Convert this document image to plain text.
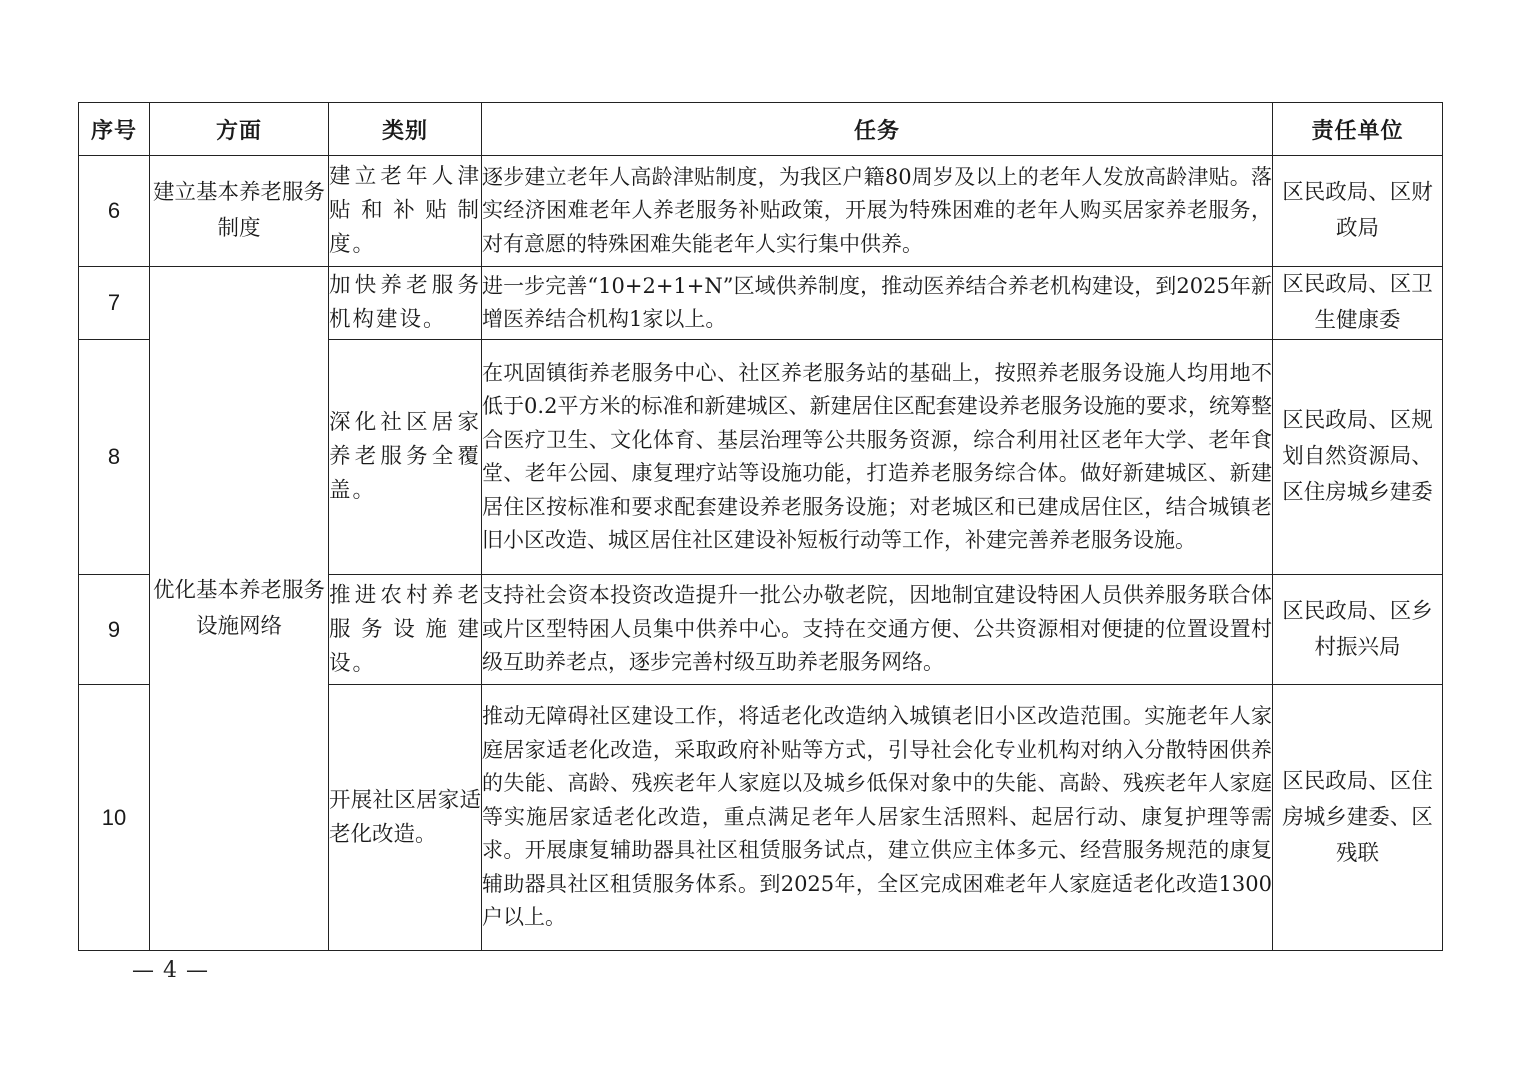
序号	方面	类别	任务	责任单位
6	建立基本养老服务制度	建立老年人津贴和补贴制度。	逐步建立老年人高龄津贴制度，为我区户籍80周岁及以上的老年人发放高龄津贴。落实经济困难老年人养老服务补贴政策，开展为特殊困难的老年人购买居家养老服务，对有意愿的特殊困难失能老年人实行集中供养。	区民政局、区财政局
7	优化基本养老服务设施网络	加快养老服务机构建设。	进一步完善“10+2+1+N”区域供养制度，推动医养结合养老机构建设，到2025年新增医养结合机构1家以上。	区民政局、区卫生健康委
8		深化社区居家养老服务全覆盖。	在巩固镇街养老服务中心、社区养老服务站的基础上，按照养老服务设施人均用地不低于0.2平方米的标准和新建城区、新建居住区配套建设养老服务设施的要求，统筹整合医疗卫生、文化体育、基层治理等公共服务资源，综合利用社区老年大学、老年食堂、老年公园、康复理疗站等设施功能，打造养老服务综合体。做好新建城区、新建居住区按标准和要求配套建设养老服务设施；对老城区和已建成居住区，结合城镇老旧小区改造、城区居住社区建设补短板行动等工作，补建完善养老服务设施。	区民政局、区规划自然资源局、区住房城乡建委
9		推进农村养老服务设施建设。	支持社会资本投资改造提升一批公办敬老院，因地制宜建设特困人员供养服务联合体或片区型特困人员集中供养中心。支持在交通方便、公共资源相对便捷的位置设置村级互助养老点，逐步完善村级互助养老服务网络。	区民政局、区乡村振兴局
10		开展社区居家适老化改造。	推动无障碍社区建设工作，将适老化改造纳入城镇老旧小区改造范围。实施老年人家庭居家适老化改造，采取政府补贴等方式，引导社会化专业机构对纳入分散特困供养的失能、高龄、残疾老年人家庭以及城乡低保对象中的失能、高龄、残疾老年人家庭等实施居家适老化改造，重点满足老年人居家生活照料、起居行动、康复护理等需求。开展康复辅助器具社区租赁服务试点，建立供应主体多元、经营服务规范的康复辅助器具社区租赁服务体系。到2025年，全区完成困难老年人家庭适老化改造1300户以上。	区民政局、区住房城乡建委、区残联
— 4 —
